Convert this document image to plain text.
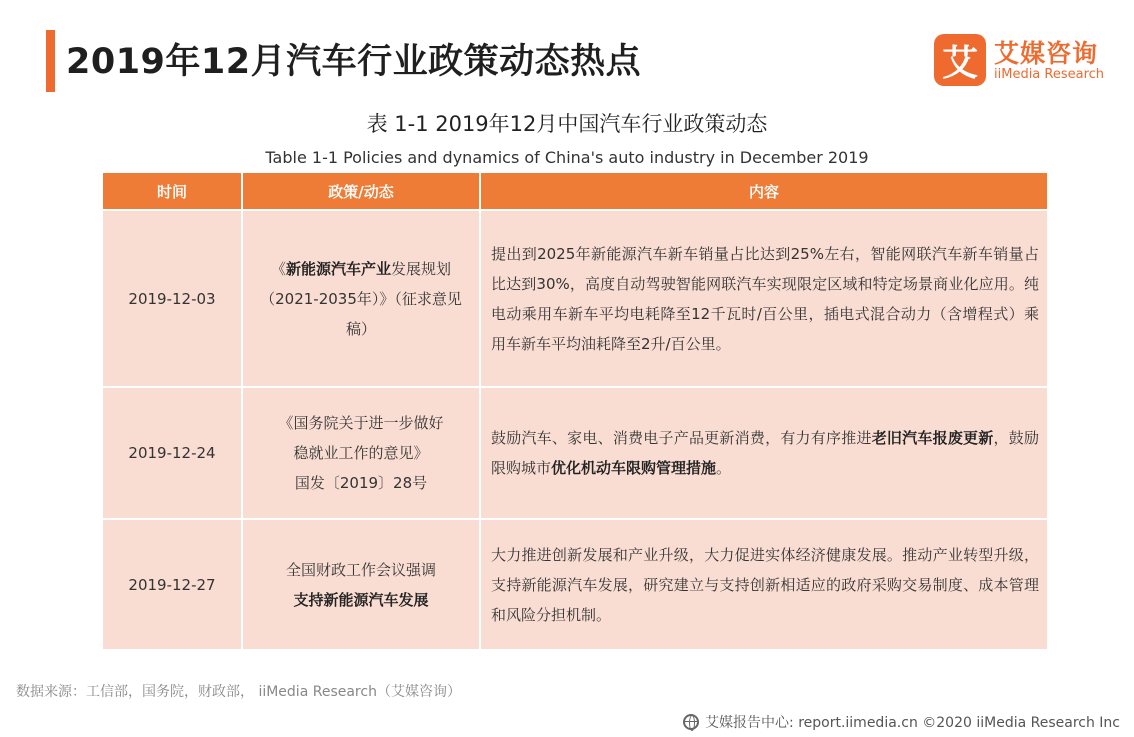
2019年12月汽车行业政策动态热点	艾 艾媒咨询
iiMedia Research
表 1-1 2019年12月中国汽车行业政策动态
Table 1-1 Policies and dynamics of China's auto industry in December 2019
时间	政策/动态	内容
2019-12-03	《新能源汽车产业发展规划（2021-2035年）》（征求意见稿）	提出到2025年新能源汽车新车销量占比达到25%左右，智能网联汽车新车销量占比达到30%，高度自动驾驶智能网联汽车实现限定区域和特定场景商业化应用。纯电动乘用车新车平均电耗降至12千瓦时/百公里，插电式混合动力（含增程式）乘用车新车平均油耗降至2升/百公里。
2019-12-24	《国务院关于进一步做好
稳就业工作的意见》
国发〔2019〕28号	鼓励汽车、家电、消费电子产品更新消费，有力有序推进老旧汽车报废更新，鼓励限购城市优化机动车限购管理措施。
2019-12-27	全国财政工作会议强调
支持新能源汽车发展	大力推进创新发展和产业升级，大力促进实体经济健康发展。推动产业转型升级，支持新能源汽车发展，研究建立与支持创新相适应的政府采购交易制度、成本管理和风险分担机制。
数据来源：工信部，国务院，财政部， iiMedia Research（艾媒咨询）
艾媒报告中心: report.iimedia.cn ©2020 iiMedia Research Inc
